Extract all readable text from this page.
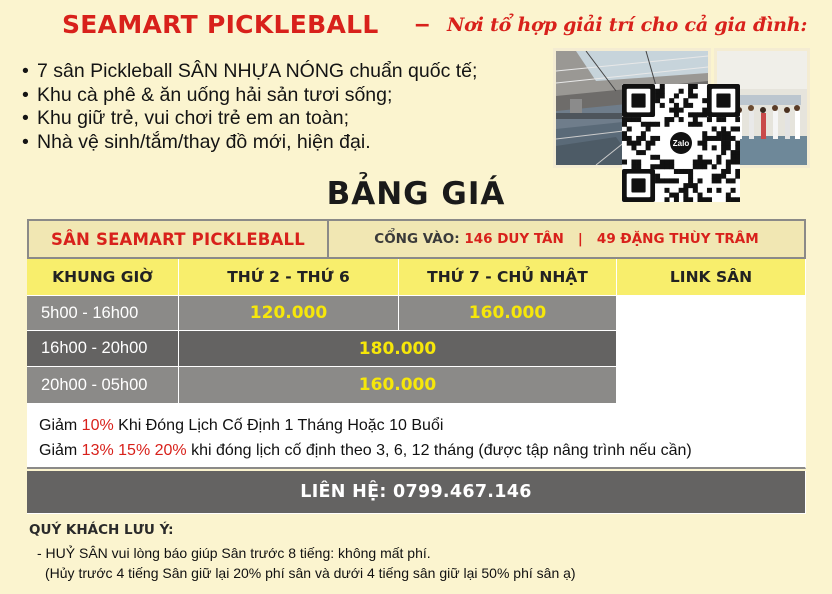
SEAMART PICKLEBALL – Nơi tổ hợp giải trí cho cả gia đình:
• 7 sân Pickleball SÂN NHỰA NÓNG chuẩn quốc tế;
• Khu cà phê & ăn uống hải sản tươi sống;
• Khu giữ trẻ, vui chơi trẻ em an toàn;
• Nhà vệ sinh/tắm/thay đồ mới, hiện đại.
BẢNG GIÁ
SÂN SEAMART PICKLEBALL	CỔNG VÀO: 146 DUY TÂN | 49 ĐẶNG THÙY TRÂM
KHUNG GIỜ	THỨ 2 - THỨ 6	THỨ 7 - CHỦ NHẬT	LINK SÂN
5h00 - 16h00	120.000	160.000
16h00 - 20h00	180.000
20h00 - 05h00	160.000
Giảm 10% Khi Đóng Lịch Cố Định 1 Tháng Hoặc 10 Buổi
Giảm 13% 15% 20% khi đóng lịch cố định theo 3, 6, 12 tháng (được tập nâng trình nếu cần)
LIÊN HỆ: 0799.467.146
Zalo
QUÝ KHÁCH LƯU Ý:
- HUỶ SÂN vui lòng báo giúp Sân trước 8 tiếng: không mất phí.
(Hủy trước 4 tiếng Sân giữ lại 20% phí sân và dưới 4 tiếng sân giữ lại 50% phí sân ạ)
